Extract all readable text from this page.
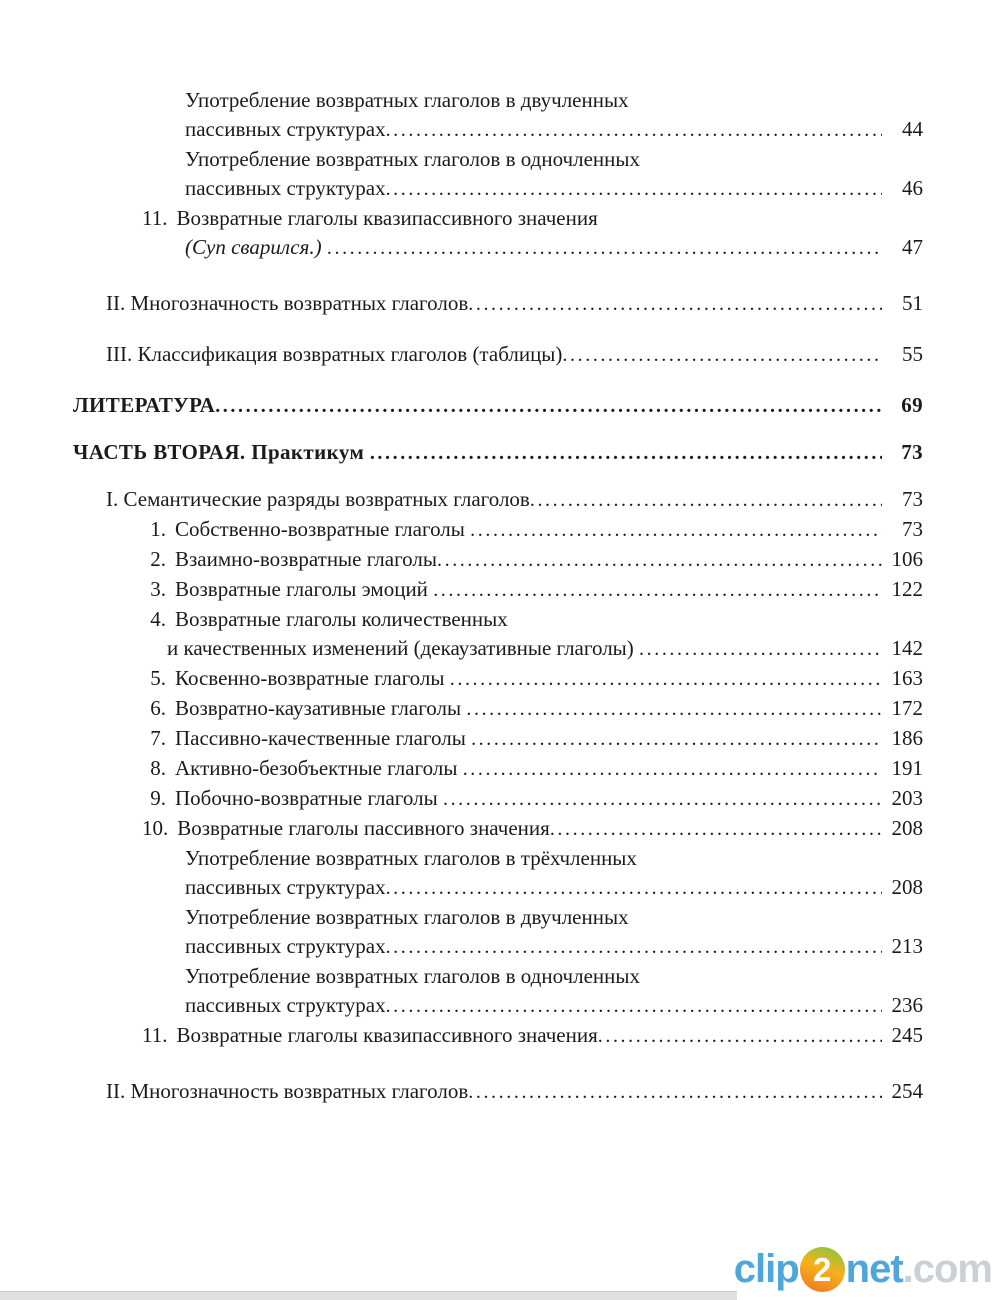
Употребление возвратных глаголов в двучленных
пассивных структурах .....	44
Употребление возвратных глаголов в одночленных
пассивных структурах .....	46
11. Возвратные глаголы квазипассивного значения
(Суп сварился.) .....	47
II. Многозначность возвратных глаголов .....	51
III. Классификация возвратных глаголов (таблицы) .....	55
ЛИТЕРАТУРА .....	69
ЧАСТЬ ВТОРАЯ. Практикум .....	73
I. Семантические разряды возвратных глаголов .....	73
1. Собственно-возвратные глаголы .....	73
2. Взаимно-возвратные глаголы .....	106
3. Возвратные глаголы эмоций .....	122
4. Возвратные глаголы количественных
и качественных изменений (декаузативные глаголы) .....	142
5. Косвенно-возвратные глаголы .....	163
6. Возвратно-каузативные глаголы .....	172
7. Пассивно-качественные глаголы .....	186
8. Активно-безобъектные глаголы .....	191
9. Побочно-возвратные глаголы .....	203
10. Возвратные глаголы пассивного значения .....	208
Употребление возвратных глаголов в трёхчленных
пассивных структурах .....	208
Употребление возвратных глаголов в двучленных
пассивных структурах .....	213
Употребление возвратных глаголов в одночленных
пассивных структурах .....	236
11. Возвратные глаголы квазипассивного значения .....	245
II. Многозначность возвратных глаголов .....	254
clip 2 net .com
